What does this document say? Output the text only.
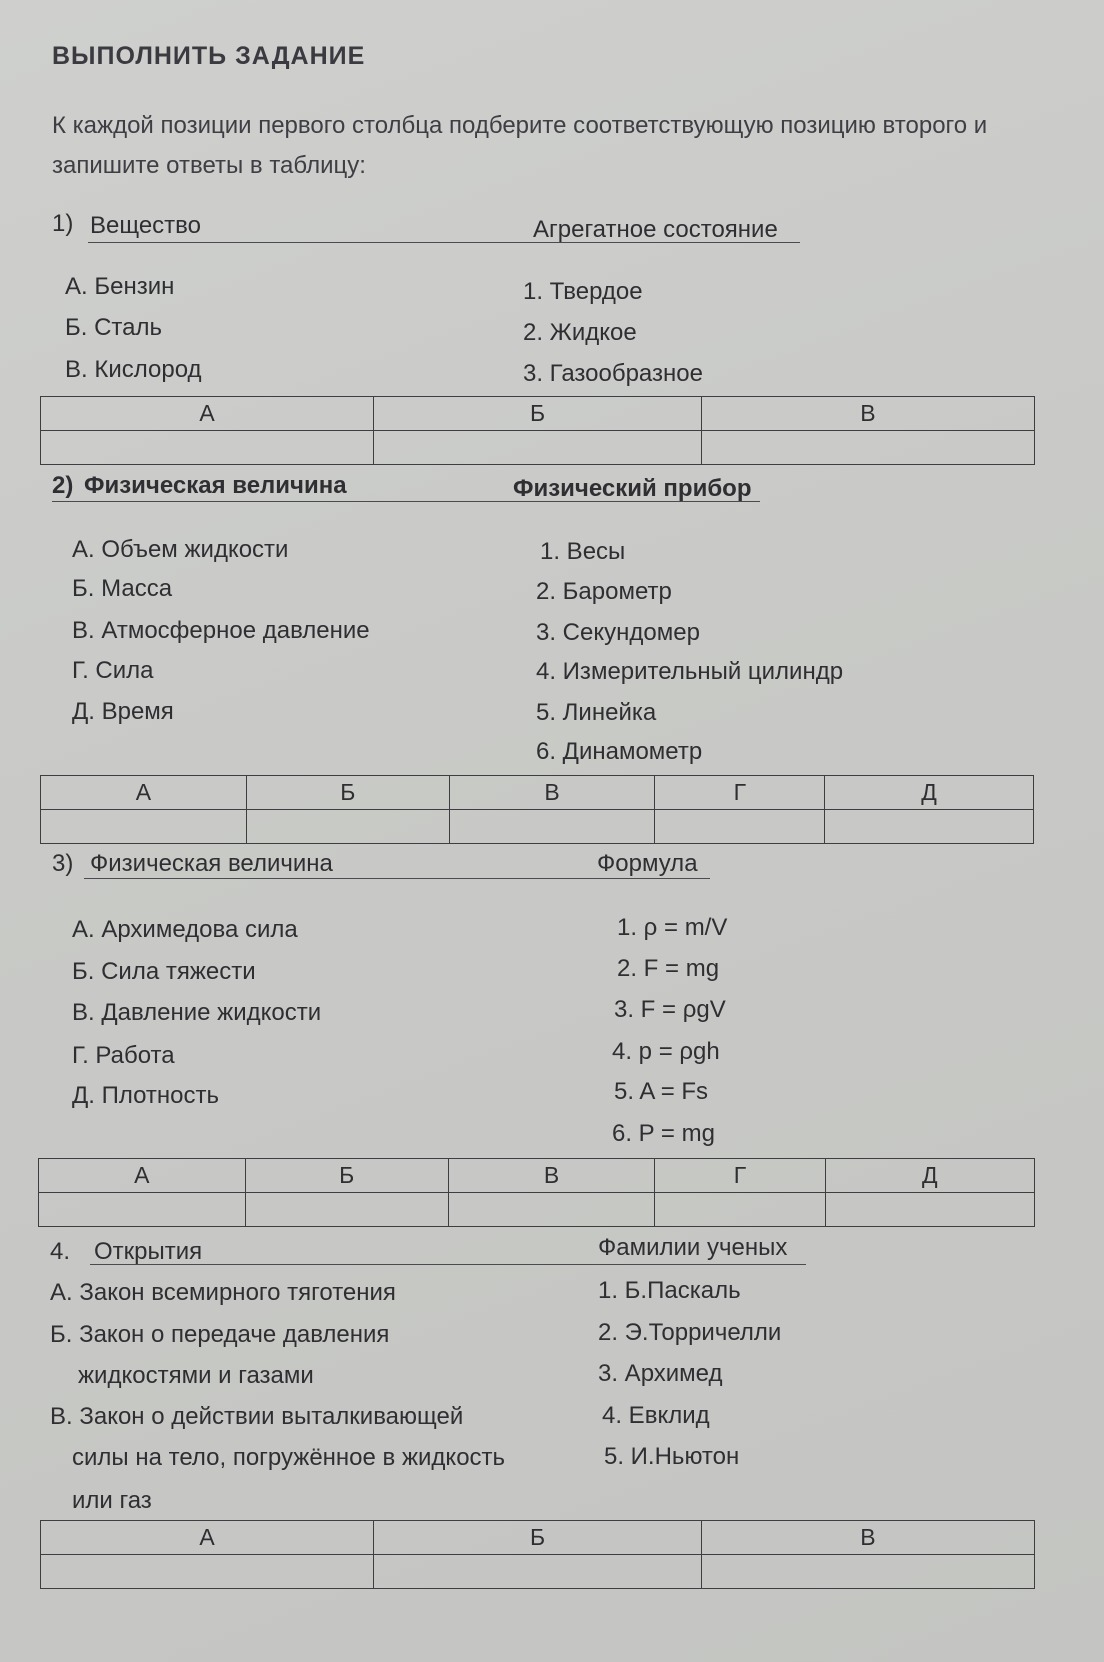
ВЫПОЛНИТЬ ЗАДАНИЕ
К каждой позиции первого столбца подберите соответствующую позицию второго и
запишите ответы в таблицу:
1) Вещество	Агрегатное состояние
А. Бензин
Б. Сталь
В. Кислород
1. Твердое
2. Жидкое
3. Газообразное
А	Б	В

2) Физическая величина	Физический прибор
А. Объем жидкости
Б. Масса
В. Атмосферное давление
Г. Сила
Д. Время
1. Весы
2. Барометр
3. Секундомер
4. Измерительный цилиндр
5. Линейка
6. Динамометр
А	Б	В	Г	Д

3) Физическая величина	Формула
А. Архимедова сила
Б. Сила тяжести
В. Давление жидкости
Г. Работа
Д. Плотность
1. ρ = m/V
2. F = mg
3. F = ρgV
4. p = ρgh
5. A = Fs
6. P = mg
А	Б	В	Г	Д

4. Открытия	Фамилии ученых
А. Закон всемирного тяготения
Б. Закон о передаче давления
жидкостями и газами
В. Закон о действии выталкивающей
силы на тело, погружённое в жидкость
или газ
1. Б.Паскаль
2. Э.Торричелли
3. Архимед
4. Евклид
5. И.Ньютон
А	Б	В
